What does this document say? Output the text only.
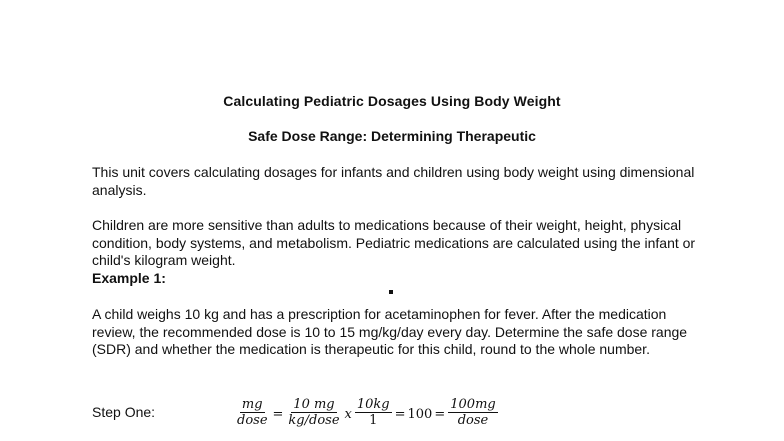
Calculating Pediatric Dosages Using Body Weight
Safe Dose Range: Determining Therapeutic
This unit covers calculating dosages for infants and children using body weight using dimensional analysis.
Children are more sensitive than adults to medications because of their weight, height, physical condition, body systems, and metabolism. Pediatric medications are calculated using the infant or child's kilogram weight.
Example 1:
A child weighs 10 kg and has a prescription for acetaminophen for fever. After the medication review, the recommended dose is 10 to 15 mg/kg/day every day. Determine the safe dose range (SDR) and whether the medication is therapeutic for this child, round to the whole number.
Step One:	$\frac{mg}{\text{dose}} = \frac{10 mg}{\text{kg/dose}}$ x $\frac{10kg}{1} = 100 = \frac{100mg}{\text{dose}}$
